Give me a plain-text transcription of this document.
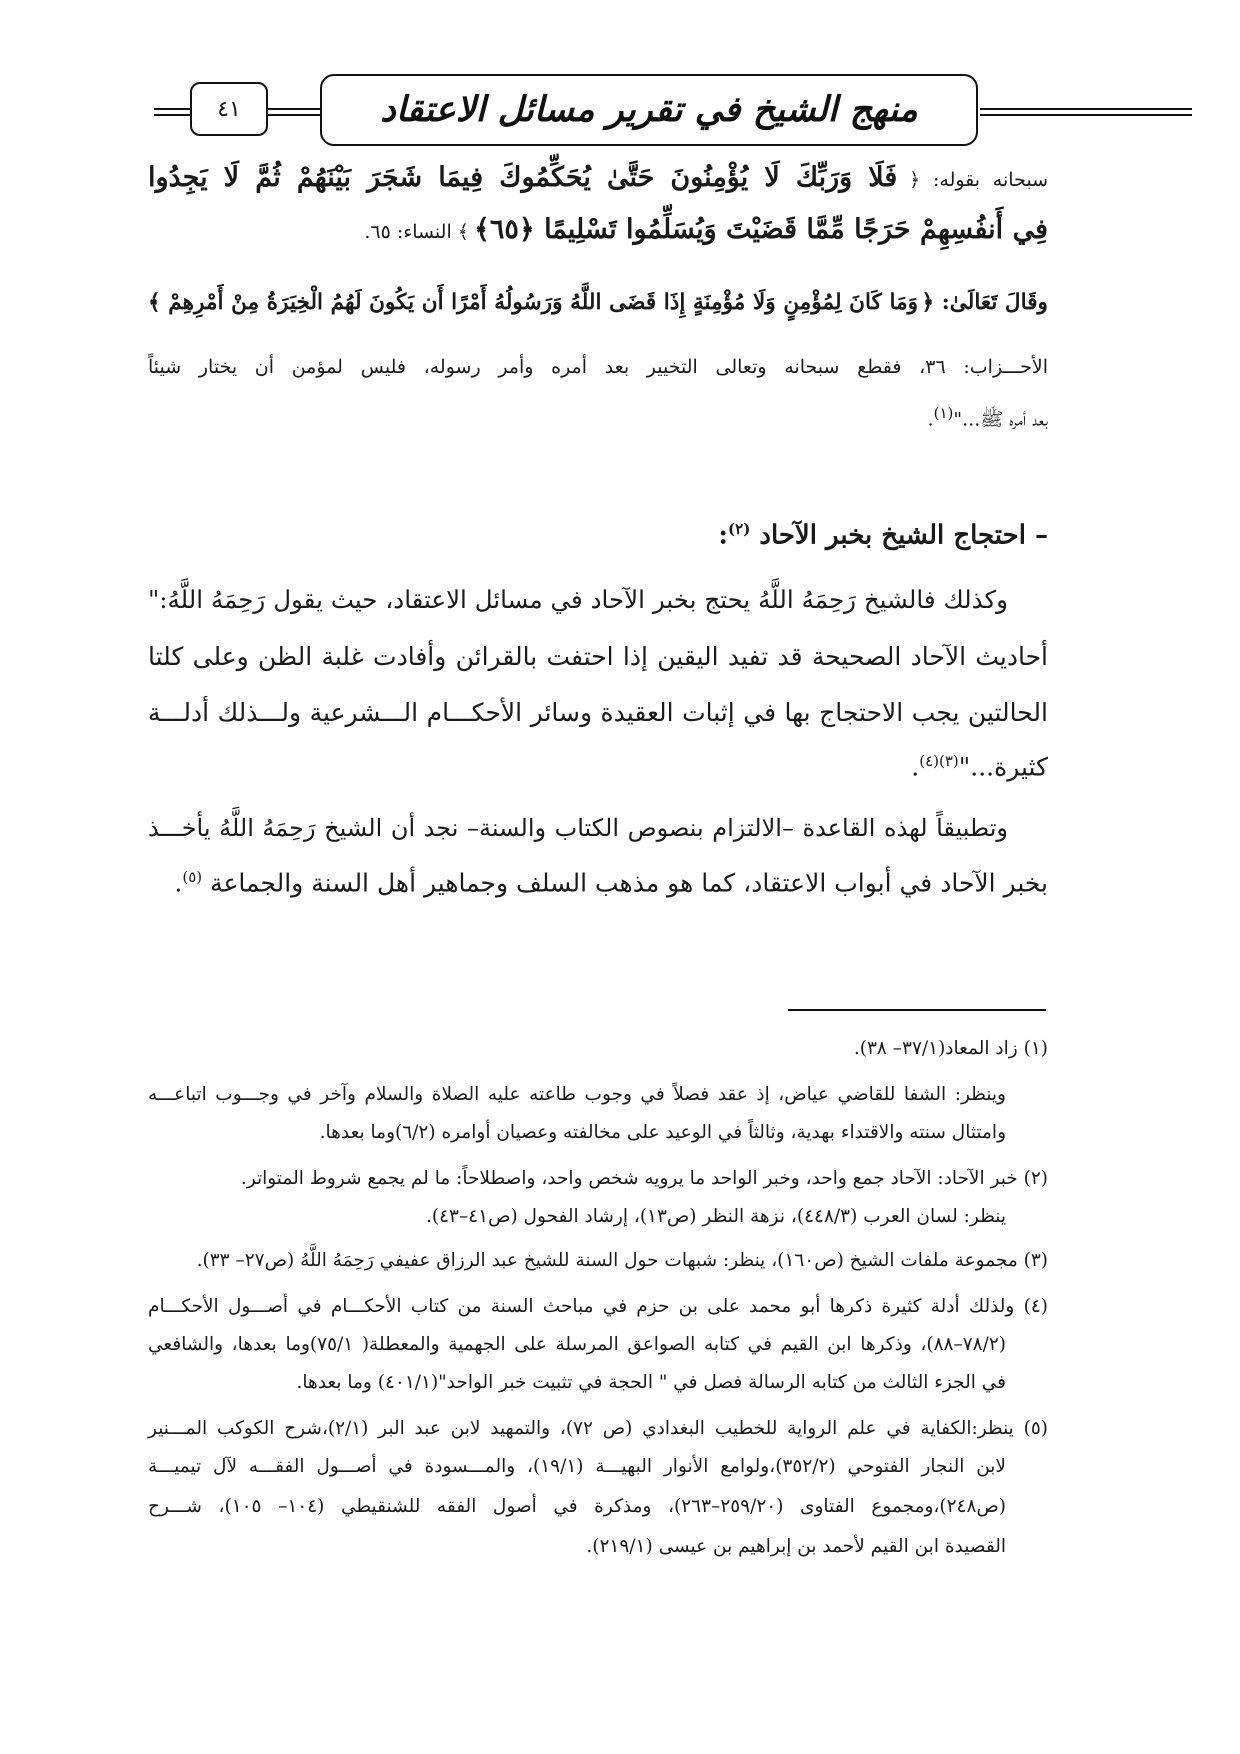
منهج الشيخ في تقرير مسائل الاعتقاد
٤١
سبحانه بقوله: ﴿ فَلَا وَرَبِّكَ لَا يُؤْمِنُونَ حَتَّىٰ يُحَكِّمُوكَ فِيمَا شَجَرَ بَيْنَهُمْ ثُمَّ لَا يَجِدُوا
فِي أَنفُسِهِمْ حَرَجًا مِّمَّا قَضَيْتَ وَيُسَلِّمُوا تَسْلِيمًا ﴿٦٥﴾ ﴾ النساء: ٦٥.
وقَالَ تَعَالَىٰ: ﴿ وَمَا كَانَ لِمُؤْمِنٍ وَلَا مُؤْمِنَةٍ إِذَا قَضَى اللَّهُ وَرَسُولُهُ أَمْرًا أَن يَكُونَ لَهُمُ الْخِيَرَةُ مِنْ أَمْرِهِمْ ﴾
الأحـــزاب: ٣٦، فقطع سبحانه وتعالى التخيير بعد أمره وأمر رسوله، فليس لمؤمن أن يختار شيئاً
بعد أمره ﷺ..."$^{(١)}$.
– احتجاج الشيخ بخبر الآحاد $^{(٢)}$:
وكذلك فالشيخ رَحِمَهُ اللَّهُ يحتج بخبر الآحاد في مسائل الاعتقاد، حيث يقول رَحِمَهُ اللَّهُ:"
أحاديث الآحاد الصحيحة قد تفيد اليقين إذا احتفت بالقرائن وأفادت غلبة الظن وعلى كلتا
الحالتين يجب الاحتجاج بها في إثبات العقيدة وسائر الأحكـــام الـــشرعية ولـــذلك أدلـــة
كثيرة..."$^{(٣)(٤)}$.
وتطبيقاً لهذه القاعدة –الالتزام بنصوص الكتاب والسنة– نجد أن الشيخ رَحِمَهُ اللَّهُ يأخـــذ
بخبر الآحاد في أبواب الاعتقاد، كما هو مذهب السلف وجماهير أهل السنة والجماعة $^{(٥)}$.
(١) زاد المعاد(٣٧/١– ٣٨).
وينظر: الشفا للقاضي عياض، إذ عقد فصلاً في وجوب طاعته عليه الصلاة والسلام وآخر في وجـــوب اتباعـــه
وامتثال سنته والاقتداء بهدية، وثالثاً في الوعيد على مخالفته وعصيان أوامره (٦/٢)وما بعدها.
(٢) خبر الآحاد: الآحاد جمع واحد، وخبر الواحد ما يرويه شخص واحد، واصطلاحاً: ما لم يجمع شروط المتواتر.
ينظر: لسان العرب (٤٤٨/٣)، نزهة النظر (ص١٣)، إرشاد الفحول (ص٤١–٤٣).
(٣) مجموعة ملفات الشيخ (ص١٦٠)، ينظر: شبهات حول السنة للشيخ عبد الرزاق عفيفي رَحِمَهُ اللَّهُ (ص٢٧– ٣٣).
(٤) ولذلك أدلة كثيرة ذكرها أبو محمد على بن حزم في مباحث السنة من كتاب الأحكـــام في أصـــول الأحكـــام
(٧٨/٢–٨٨)، وذكرها ابن القيم في كتابه الصواعق المرسلة على الجهمية والمعطلة( ٧٥/١)وما بعدها، والشافعي
في الجزء الثالث من كتابه الرسالة فصل في " الحجة في تثبيت خبر الواحد"(٤٠١/١) وما بعدها.
(٥) ينظر:الكفاية في علم الرواية للخطيب البغدادي (ص ٧٢)، والتمهيد لابن عبد البر (٢/١)،شرح الكوكب المـــنير
لابن النجار الفتوحي (٣٥٢/٢)،ولوامع الأنوار البهيـــة (١٩/١)، والمـــسودة في أصـــول الفقـــه لآل تيميـــة
(ص٢٤٨)،ومجموع الفتاوى (٢٥٩/٢٠–٢٦٣)، ومذكرة في أصول الفقه للشنقيطي (١٠٤– ١٠٥)، شـــرح
القصيدة ابن القيم لأحمد بن إبراهيم بن عيسى (٢١٩/١).
